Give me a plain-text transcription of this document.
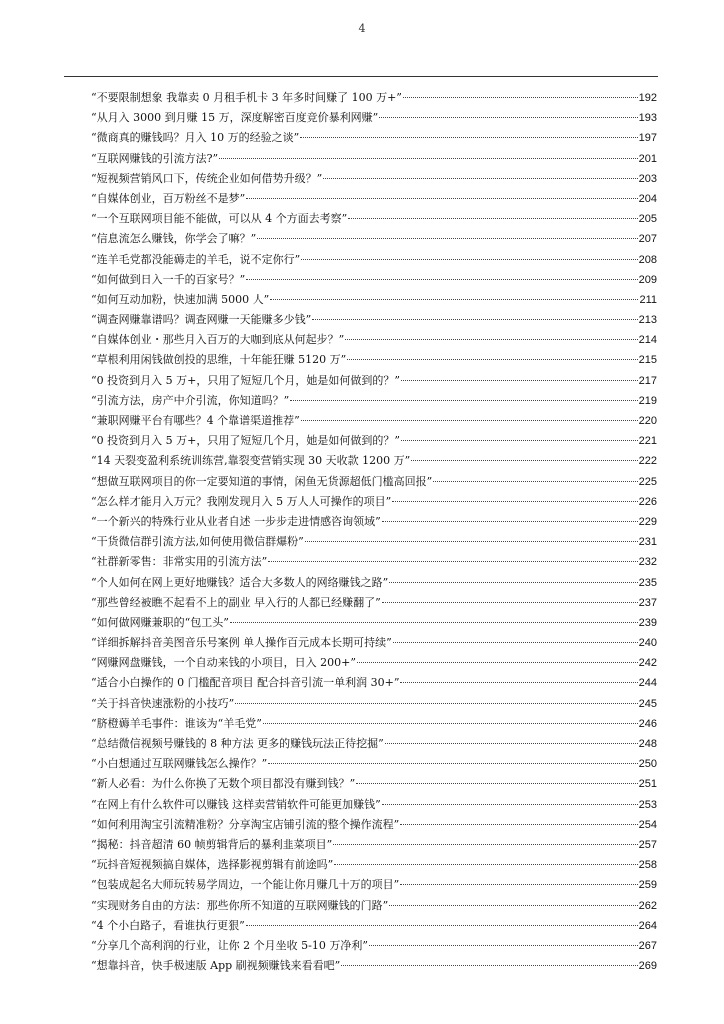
4
“不要限制想象 我靠卖 0 月租手机卡 3 年多时间赚了 100 万+”	192
“从月入 3000 到月赚 15 万，深度解密百度竞价暴利网赚”	193
“微商真的赚钱吗？月入 10 万的经验之谈”	197
“互联网赚钱的引流方法?”	201
“短视频营销风口下，传统企业如何借势升级？”	203
“自媒体创业，百万粉丝不是梦”	204
“一个互联网项目能不能做，可以从 4 个方面去考察”	205
“信息流怎么赚钱，你学会了嘛？”	207
“连羊毛党都没能薅走的羊毛，说不定你行”	208
“如何做到日入一千的百家号？”	209
“如何互动加粉，快速加满 5000 人”	211
“调查网赚靠谱吗？调查网赚一天能赚多少钱”	213
“自媒体创业・那些月入百万的大咖到底从何起步？”	214
“草根利用闲钱做创投的思维，十年能狂赚 5120 万”	215
“0 投资到月入 5 万+，只用了短短几个月，她是如何做到的？”	217
“引流方法，房产中介引流，你知道吗？”	219
“兼职网赚平台有哪些？4 个靠谱渠道推荐”	220
“0 投资到月入 5 万+，只用了短短几个月，她是如何做到的？”	221
“14 天裂变盈利系统训练营,靠裂变营销实现 30 天收款 1200 万”	222
“想做互联网项目的你一定要知道的事情，闲鱼无货源超低门槛高回报”	225
“怎么样才能月入万元？我刚发现月入 5 万人人可操作的项目”	226
“一个新兴的特殊行业从业者自述 一步步走进情感咨询领域”	229
“干货微信群引流方法,如何使用微信群爆粉”	231
“社群新零售：非常实用的引流方法”	232
“个人如何在网上更好地赚钱？适合大多数人的网络赚钱之路”	235
“那些曾经被瞧不起看不上的副业 早入行的人都已经赚翻了”	237
“如何做网赚兼职的“包工头”	239
“详细拆解抖音美图音乐号案例 单人操作百元成本长期可持续”	240
“网赚网盘赚钱，一个自动来钱的小项目，日入 200+”	242
“适合小白操作的 0 门槛配音项目 配合抖音引流一单利润 30+”	244
“关于抖音快速涨粉的小技巧”	245
“脐橙薅羊毛事件：谁该为“羊毛党”	246
“总结微信视频号赚钱的 8 种方法 更多的赚钱玩法正待挖掘”	248
“小白想通过互联网赚钱怎么操作？”	250
“新人必看：为什么你换了无数个项目都没有赚到钱？”	251
“在网上有什么软件可以赚钱 这样卖营销软件可能更加赚钱”	253
“如何利用淘宝引流精准粉？分享淘宝店铺引流的整个操作流程”	254
“揭秘：抖音超清 60 帧剪辑背后的暴利韭菜项目”	257
“玩抖音短视频搞自媒体，选择影视剪辑有前途吗”	258
“包装成起名大师玩转易学周边，一个能让你月赚几十万的项目”	259
“实现财务自由的方法：那些你所不知道的互联网赚钱的门路”	262
“4 个小白路子，看谁执行更狠”	264
“分享几个高利润的行业，让你 2 个月坐收 5-10 万净利”	267
“想靠抖音，快手极速版 App 刷视频赚钱来看看吧”	269
